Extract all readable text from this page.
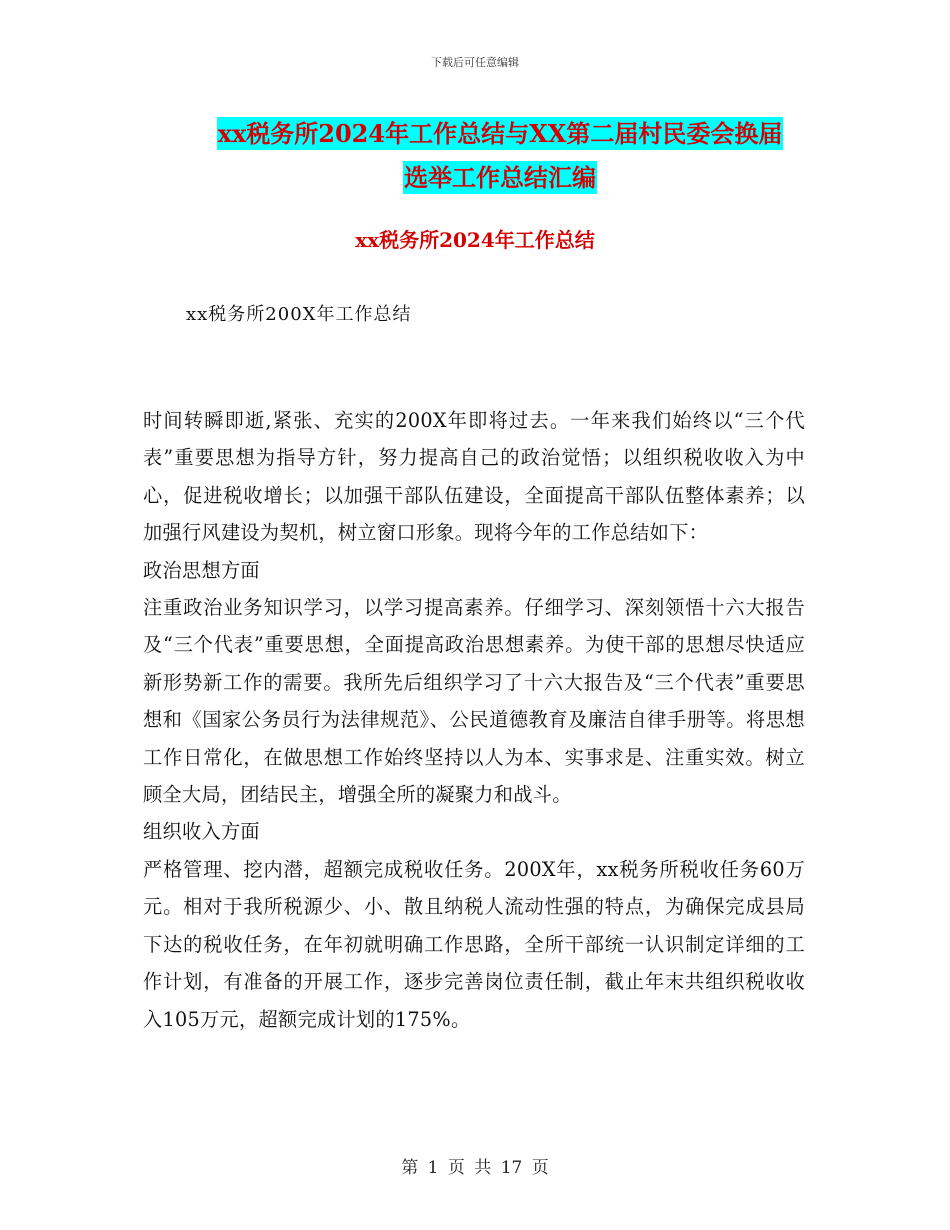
下载后可任意编辑
xx税务所2024年工作总结与XX第二届村民委会换届
选举工作总结汇编
xx税务所2024年工作总结
xx税务所200X年工作总结

时间转瞬即逝,紧张、充实的200X年即将过去。一年来我们始终以“三个代表”重要思想为指导方针，努力提高自己的政治觉悟；以组织税收收入为中心，促进税收增长；以加强干部队伍建设，全面提高干部队伍整体素养；以加强行风建设为契机，树立窗口形象。现将今年的工作总结如下：

政治思想方面

注重政治业务知识学习，以学习提高素养。仔细学习、深刻领悟十六大报告及“三个代表”重要思想，全面提高政治思想素养。为使干部的思想尽快适应新形势新工作的需要。我所先后组织学习了十六大报告及“三个代表”重要思想和《国家公务员行为法律规范》、公民道德教育及廉洁自律手册等。将思想工作日常化，在做思想工作始终坚持以人为本、实事求是、注重实效。树立顾全大局，团结民主，增强全所的凝聚力和战斗。

组织收入方面

严格管理、挖内潜，超额完成税收任务。200X年，xx税务所税收任务60万元。相对于我所税源少、小、散且纳税人流动性强的特点，为确保完成县局下达的税收任务，在年初就明确工作思路，全所干部统一认识制定详细的工作计划，有准备的开展工作，逐步完善岗位责任制，截止年末共组织税收收入105万元，超额完成计划的175%。

第 1 页 共 17 页
